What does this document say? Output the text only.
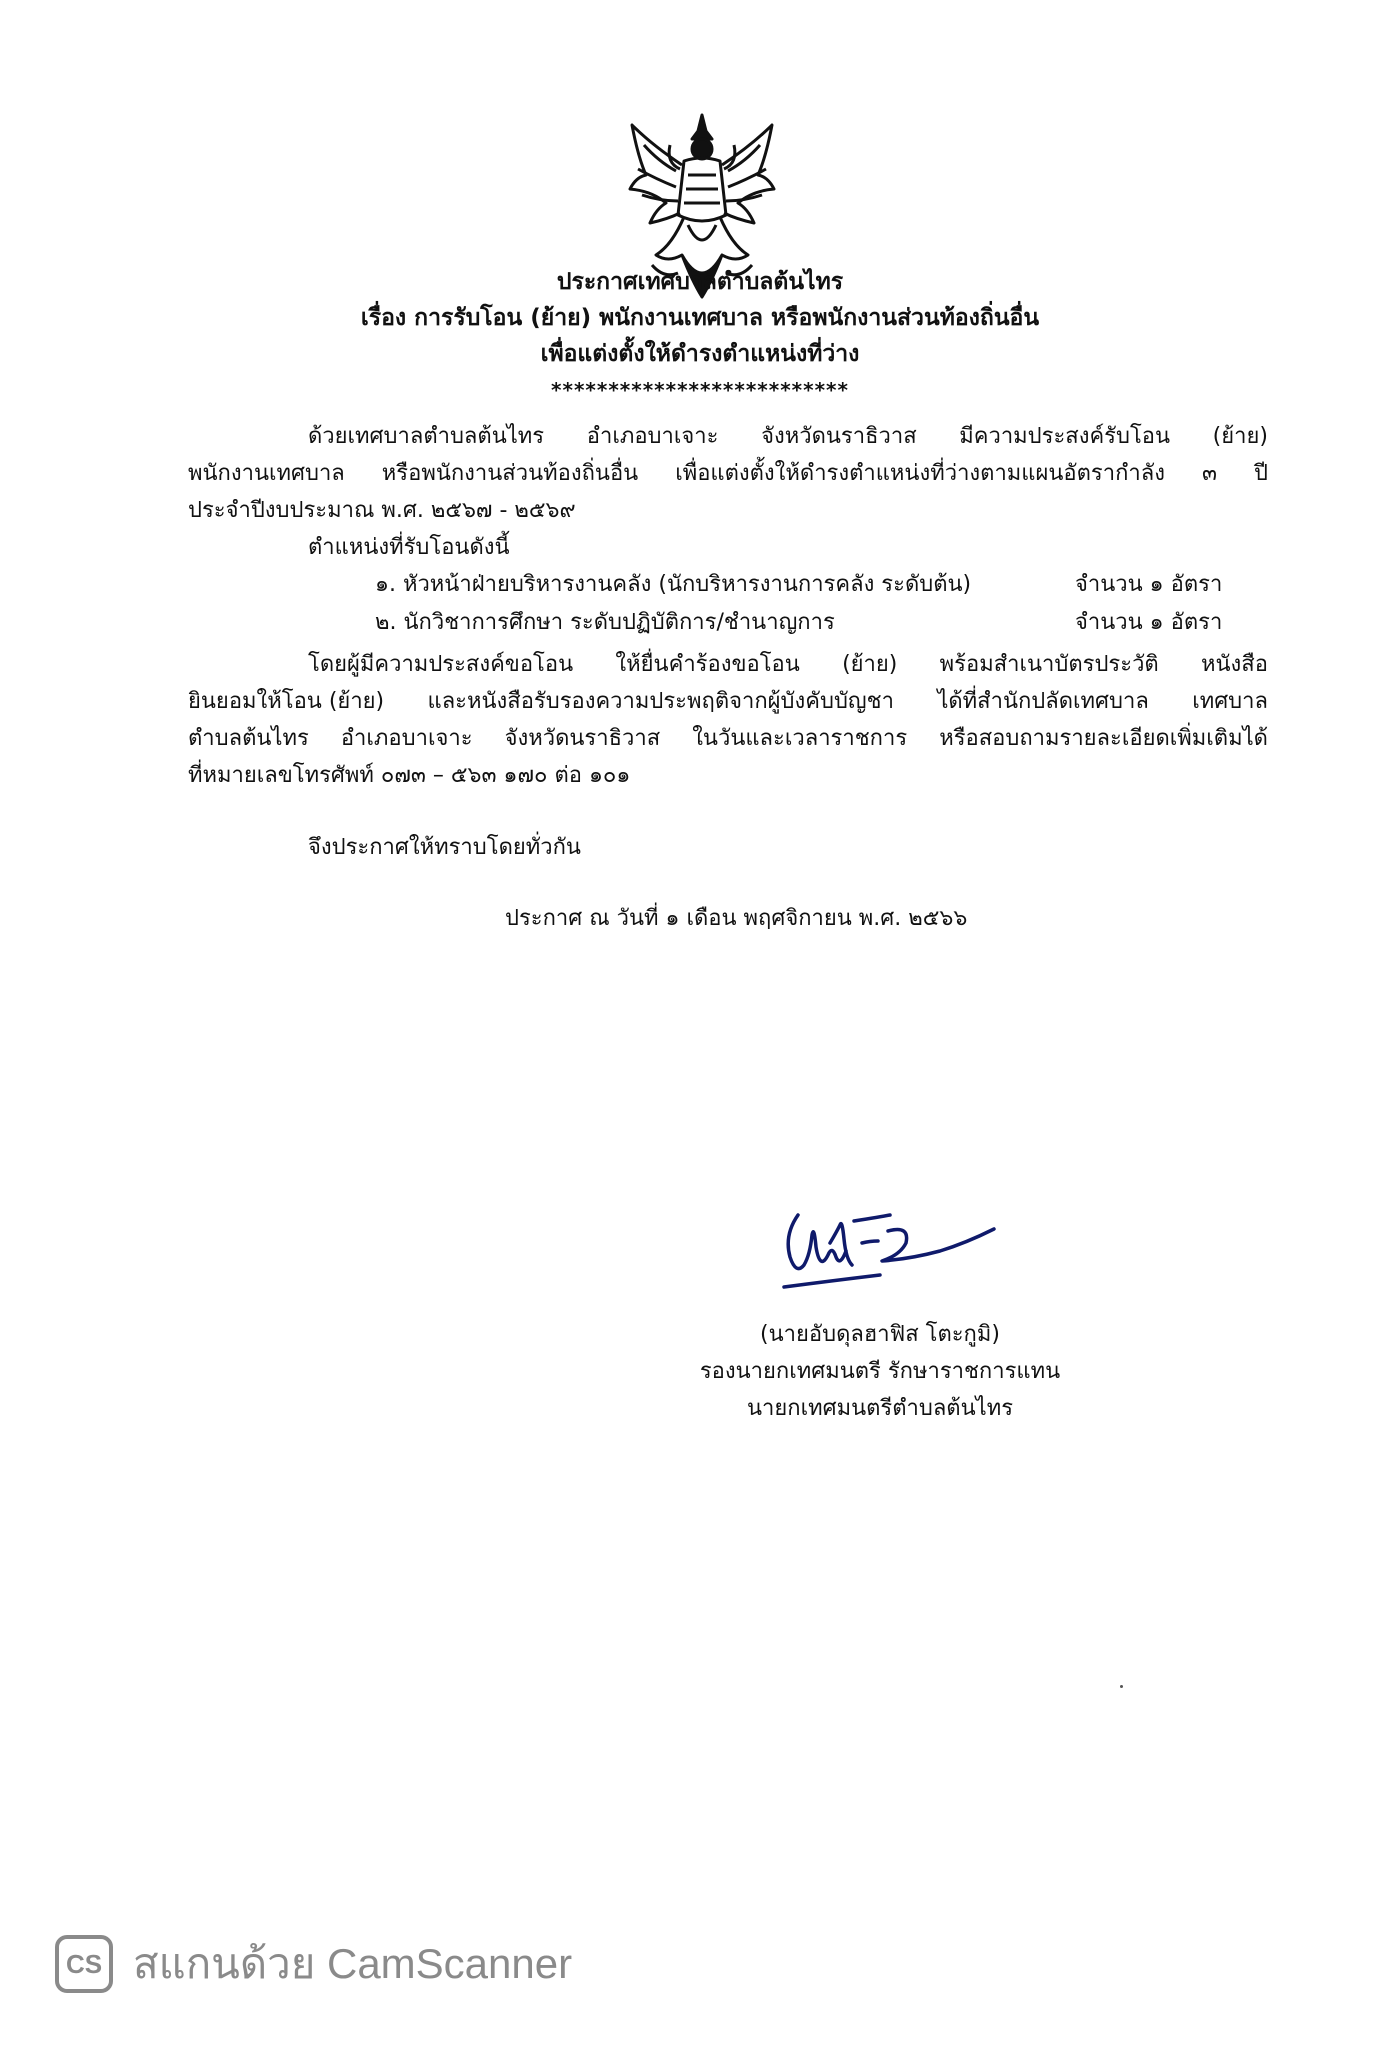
ประกาศเทศบาลตำบลต้นไทร
เรื่อง การรับโอน (ย้าย) พนักงานเทศบาล หรือพนักงานส่วนท้องถิ่นอื่น
เพื่อแต่งตั้งให้ดำรงตำแหน่งที่ว่าง
**************************
ด้วยเทศบาลตำบลต้นไทร อำเภอบาเจาะ จังหวัดนราธิวาส มีความประสงค์รับโอน (ย้าย)
พนักงานเทศบาล หรือพนักงานส่วนท้องถิ่นอื่น เพื่อแต่งตั้งให้ดำรงตำแหน่งที่ว่างตามแผนอัตรากำลัง ๓ ปี
ประจำปีงบประมาณ พ.ศ. ๒๕๖๗ - ๒๕๖๙
ตำแหน่งที่รับโอนดังนี้
๑. หัวหน้าฝ่ายบริหารงานคลัง (นักบริหารงานการคลัง ระดับต้น)	จำนวน ๑ อัตรา
๒. นักวิชาการศึกษา ระดับปฏิบัติการ/ชำนาญการ	จำนวน ๑ อัตรา
โดยผู้มีความประสงค์ขอโอน ให้ยื่นคำร้องขอโอน (ย้าย) พร้อมสำเนาบัตรประวัติ หนังสือ
ยินยอมให้โอน (ย้าย) และหนังสือรับรองความประพฤติจากผู้บังคับบัญชา ได้ที่สำนักปลัดเทศบาล เทศบาล
ตำบลต้นไทร อำเภอบาเจาะ จังหวัดนราธิวาส ในวันและเวลาราชการ หรือสอบถามรายละเอียดเพิ่มเติมได้
ที่หมายเลขโทรศัพท์ ๐๗๓ – ๕๖๓ ๑๗๐ ต่อ ๑๐๑
จึงประกาศให้ทราบโดยทั่วกัน
ประกาศ ณ วันที่ ๑ เดือน พฤศจิกายน พ.ศ. ๒๕๖๖
(นายอับดุลฮาฟิส โตะกูมิ)
รองนายกเทศมนตรี รักษาราชการแทน
นายกเทศมนตรีตำบลต้นไทร
CS สแกนด้วย CamScanner
